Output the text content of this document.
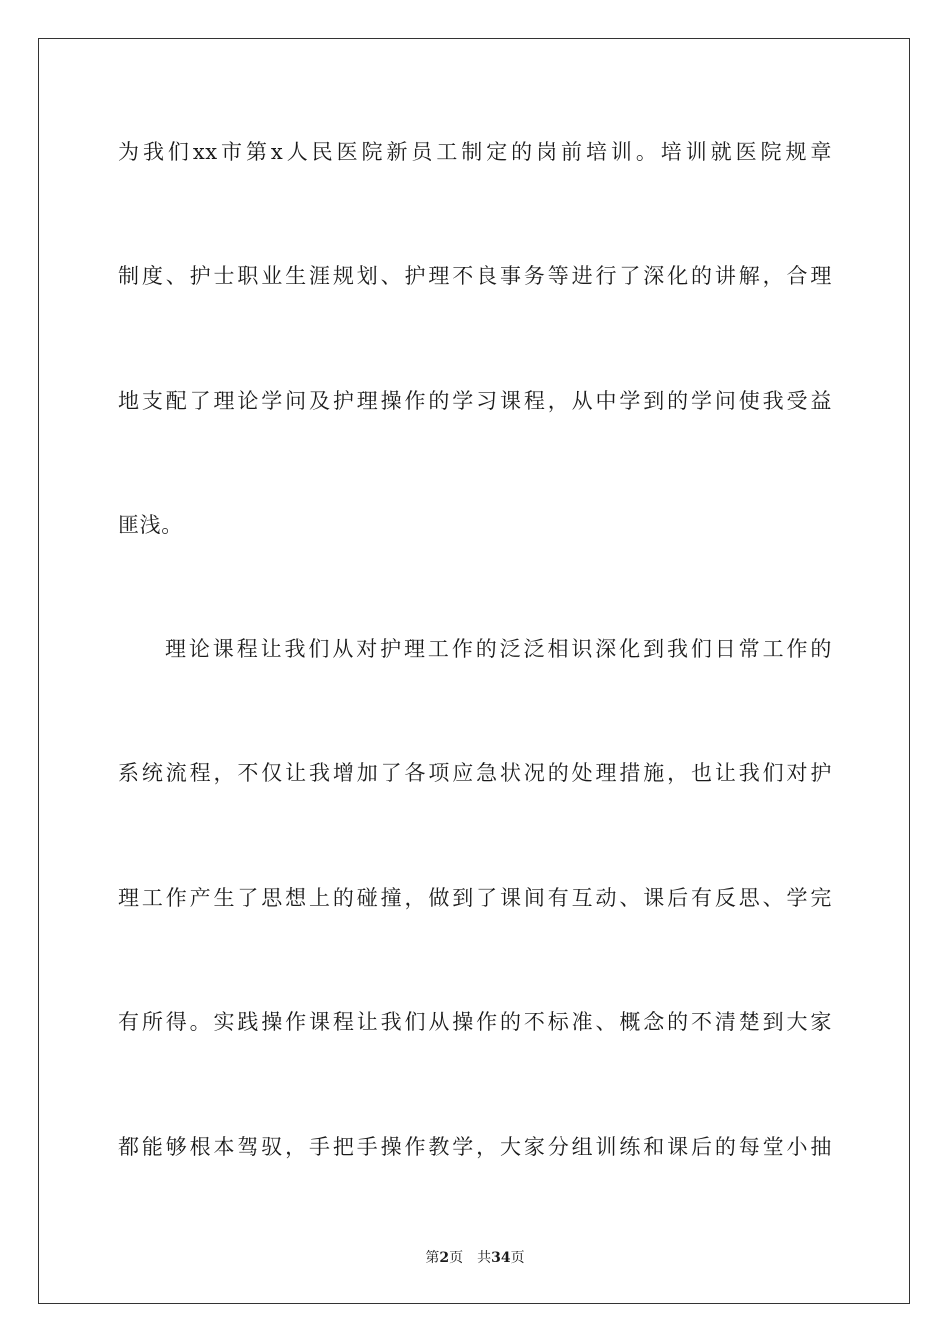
为我们xx市第x人民医院新员工制定的岗前培训。培训就医院规章
制度、护士职业生涯规划、护理不良事务等进行了深化的讲解，合理
地支配了理论学问及护理操作的学习课程，从中学到的学问使我受益
匪浅。
理论课程让我们从对护理工作的泛泛相识深化到我们日常工作的
系统流程，不仅让我增加了各项应急状况的处理措施，也让我们对护
理工作产生了思想上的碰撞，做到了课间有互动、课后有反思、学完
有所得。实践操作课程让我们从操作的不标准、概念的不清楚到大家
都能够根本驾驭，手把手操作教学，大家分组训练和课后的每堂小抽
第2页 共34页
